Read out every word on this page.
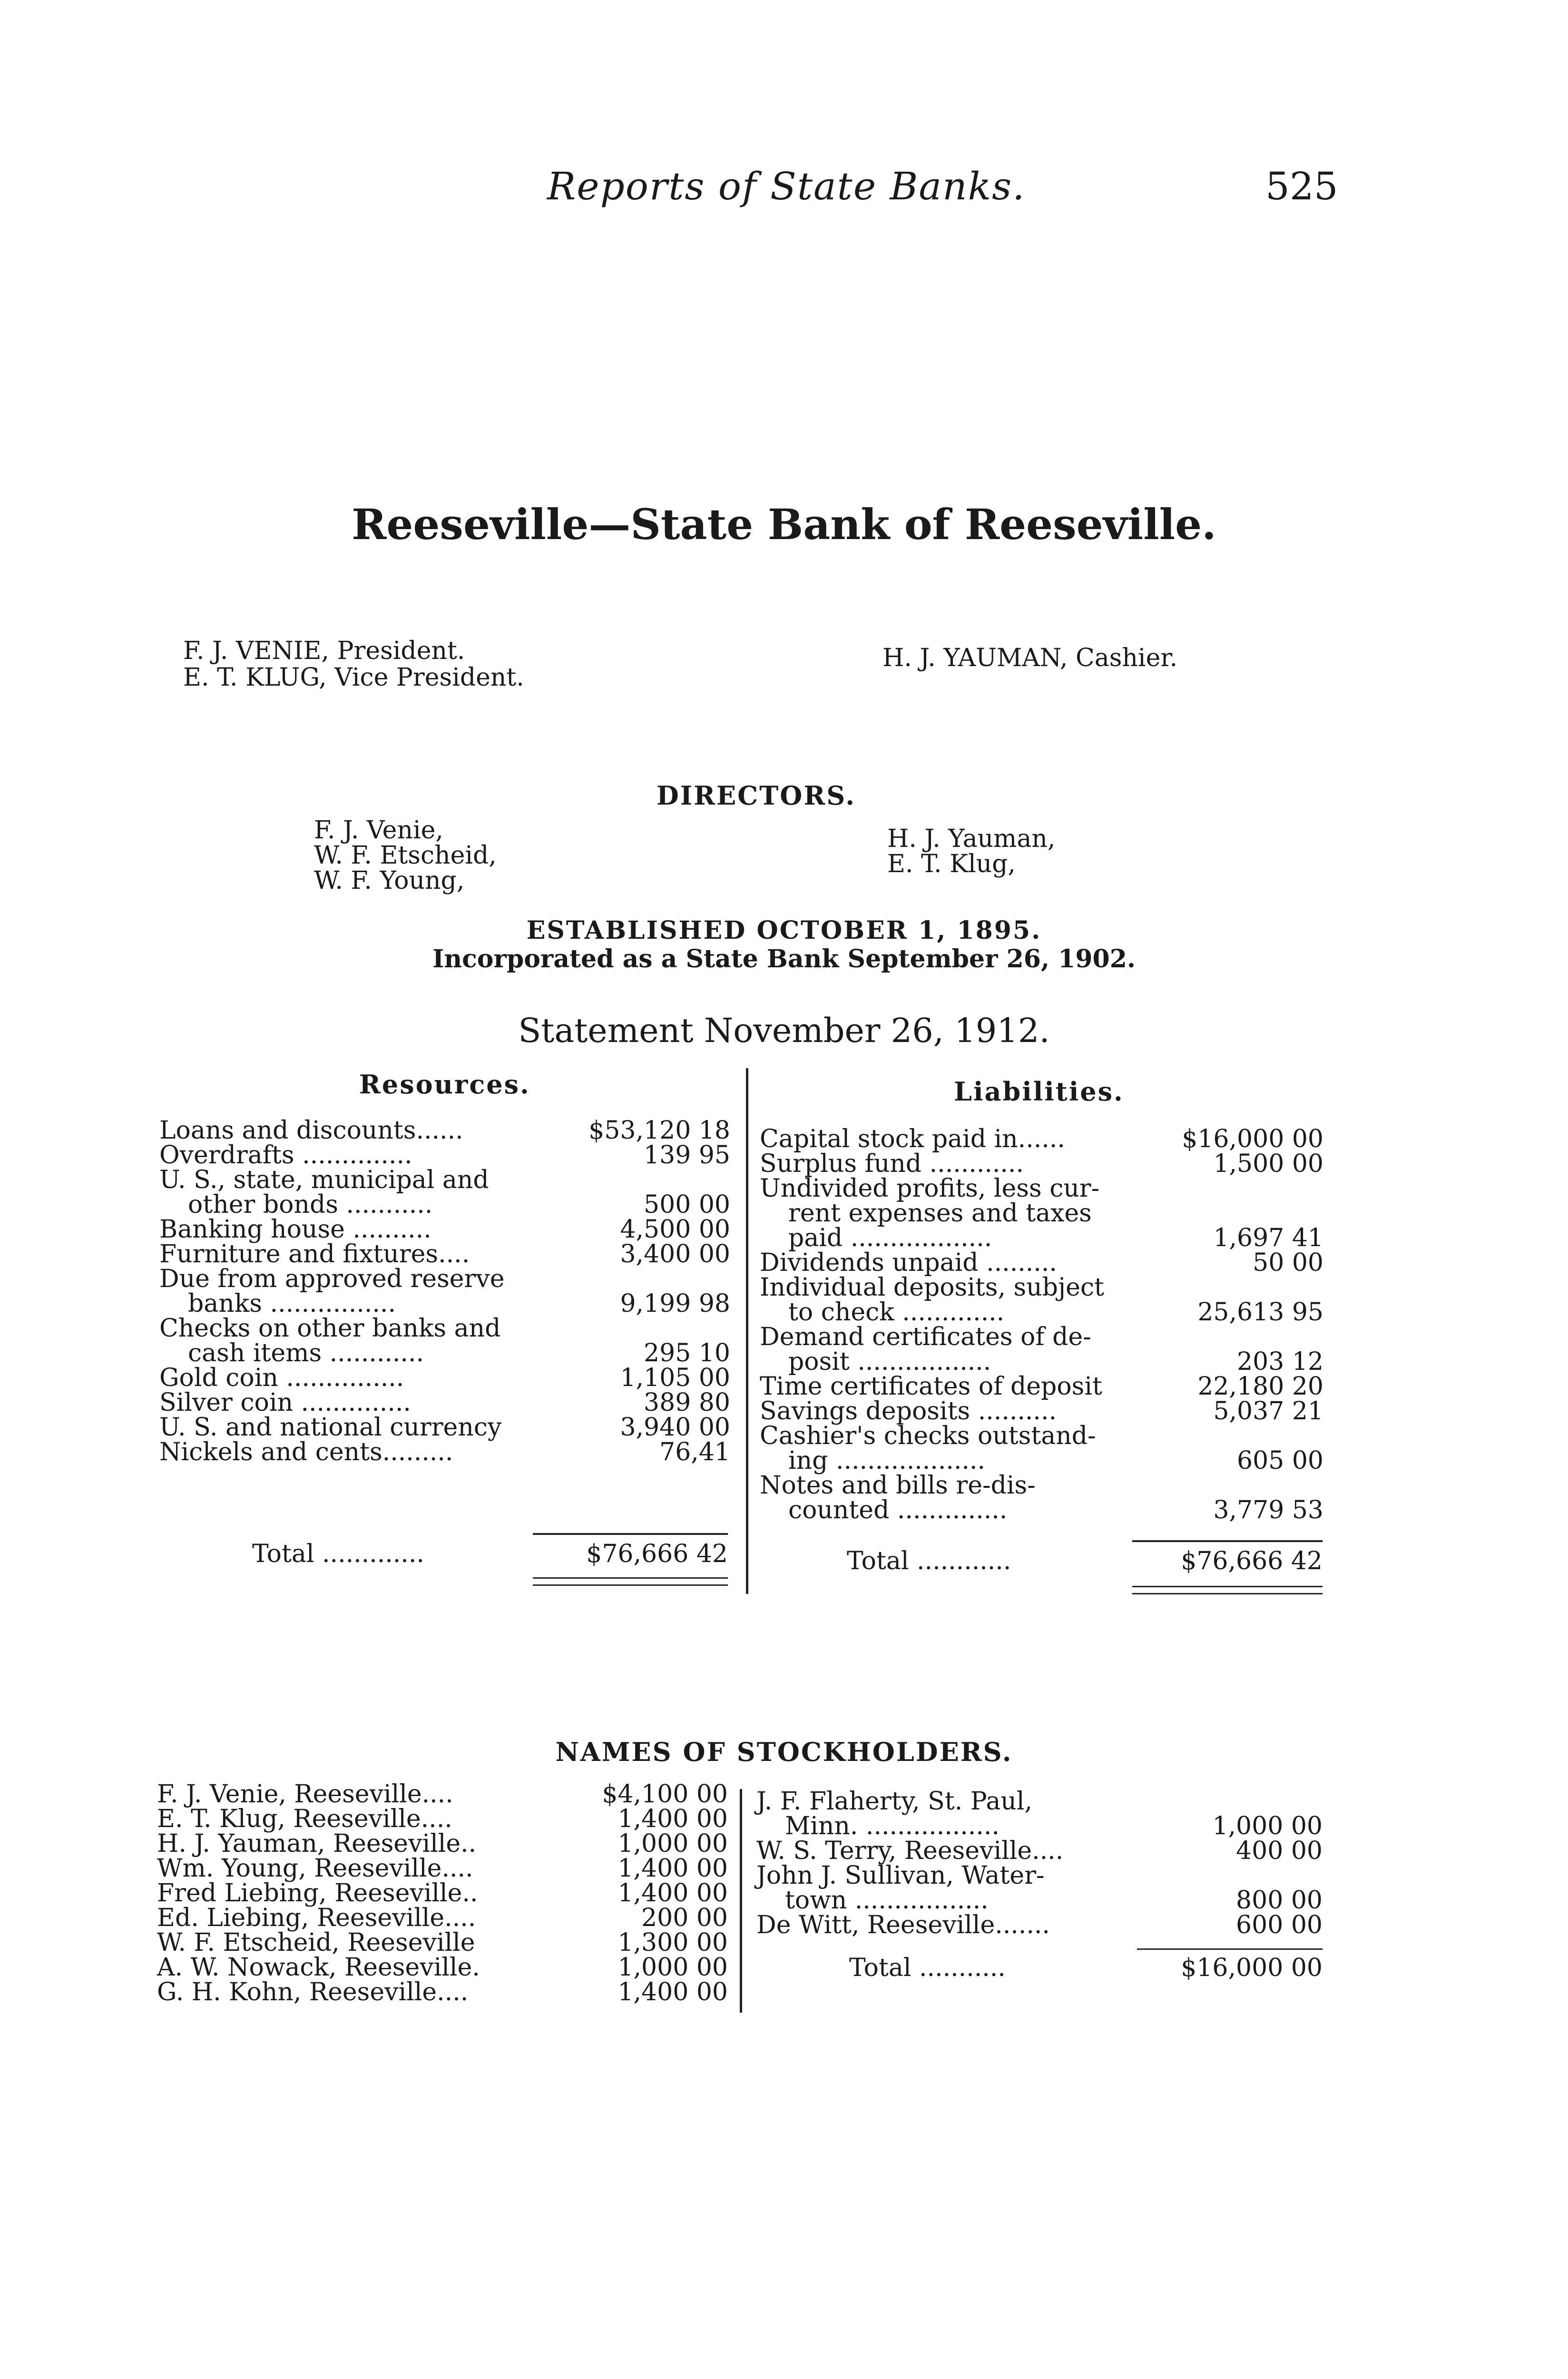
Reports of State Banks.	525
Reeseville—State Bank of Reeseville.
F. J. VENIE, President.
E. T. KLUG, Vice President.
H. J. YAUMAN, Cashier.
DIRECTORS.
F. J. Venie,
W. F. Etscheid,
W. F. Young,
H. J. Yauman,
E. T. Klug,
ESTABLISHED OCTOBER 1, 1895.
Incorporated as a State Bank September 26, 1902.
Statement November 26, 1912.
Resources.	Liabilities.
Loans and discounts......	$53,120 18
Overdrafts ..............	139 95
U. S., state, municipal and
other bonds ...........	500 00
Banking house ..........	4,500 00
Furniture and fixtures....	3,400 00
Due from approved reserve
banks ................	9,199 98
Checks on other banks and
cash items ............	295 10
Gold coin ...............	1,105 00
Silver coin ..............	389 80
U. S. and national currency	3,940 00
Nickels and cents.........	76,41
Total .............	$76,666 42
Capital stock paid in......	$16,000 00
Surplus fund ............	1,500 00
Undivided profits, less cur-
rent expenses and taxes
paid ..................	1,697 41
Dividends unpaid .........	50 00
Individual deposits, subject
to check .............	25,613 95
Demand certificates of de-
posit .................	203 12
Time certificates of deposit	22,180 20
Savings deposits ..........	5,037 21
Cashier's checks outstand-
ing ...................	605 00
Notes and bills re-dis-
counted ..............	3,779 53
Total ............	$76,666 42
NAMES OF STOCKHOLDERS.
F. J. Venie, Reeseville....	$4,100 00
E. T. Klug, Reeseville....	1,400 00
H. J. Yauman, Reeseville..	1,000 00
Wm. Young, Reeseville....	1,400 00
Fred Liebing, Reeseville..	1,400 00
Ed. Liebing, Reeseville....	200 00
W. F. Etscheid, Reeseville	1,300 00
A. W. Nowack, Reeseville.	1,000 00
G. H. Kohn, Reeseville....	1,400 00
J. F. Flaherty, St. Paul,
Minn. .................	1,000 00
W. S. Terry, Reeseville....	400 00
John J. Sullivan, Water-
town .................	800 00
De Witt, Reeseville.......	600 00
Total ...........	$16,000 00
